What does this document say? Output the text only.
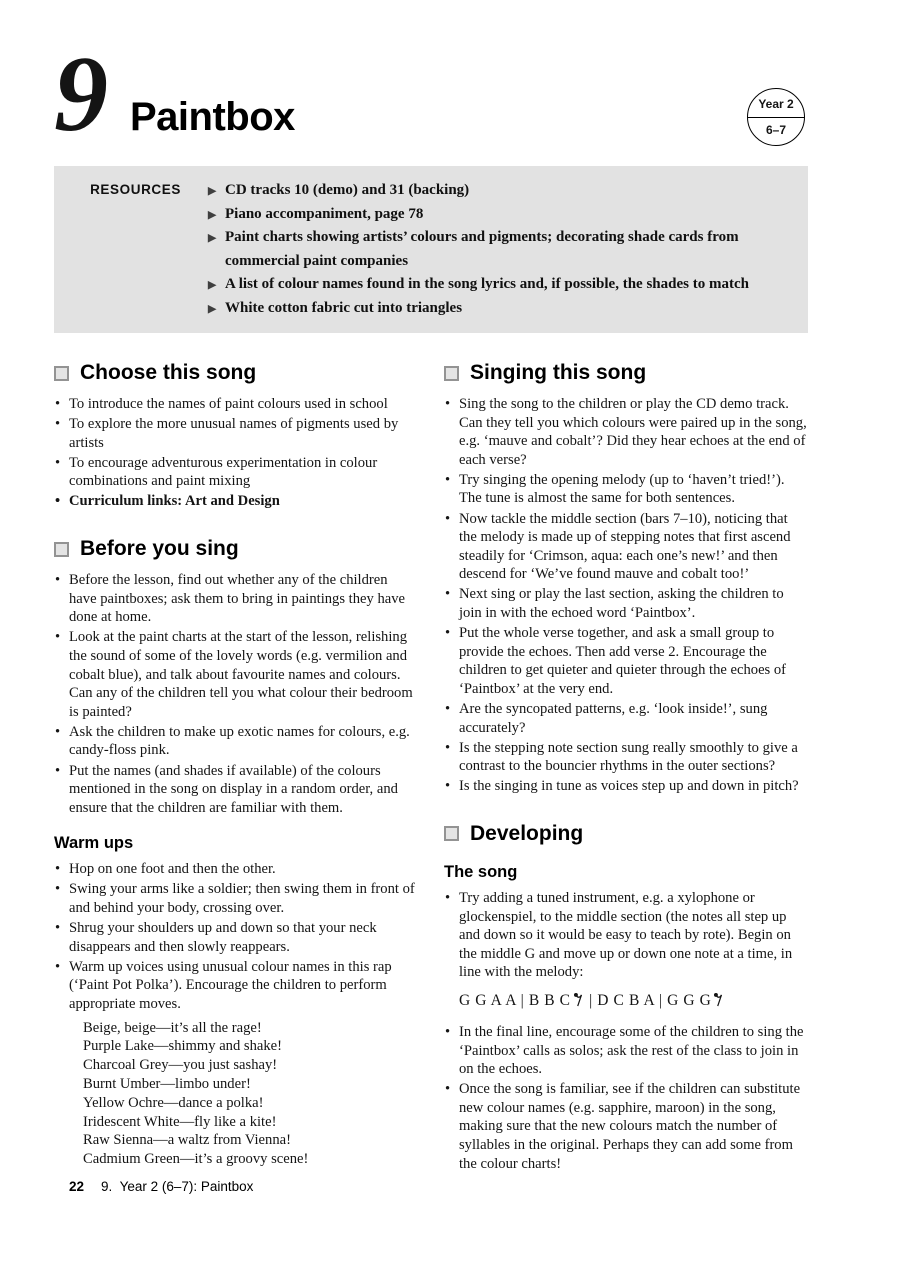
9 Paintbox
RESOURCES	▶ CD tracks 10 (demo) and 31 (backing)
▶ Piano accompaniment, page 78
▶ Paint charts showing artists’ colours and pigments; decorating shade cards from commercial paint companies
▶ A list of colour names found in the song lyrics and, if possible, the shades to match
▶ White cotton fabric cut into triangles
Choose this song
• To introduce the names of paint colours used in school
• To explore the more unusual names of pigments used by artists
• To encourage adventurous experimentation in colour combinations and paint mixing
• Curriculum links: Art and Design
Before you sing
• Before the lesson, find out whether any of the children have paintboxes; ask them to bring in paintings they have done at home.
• Look at the paint charts at the start of the lesson, relishing the sound of some of the lovely words (e.g. vermilion and cobalt blue), and talk about favourite names and colours. Can any of the children tell you what colour their bedroom is painted?
• Ask the children to make up exotic names for colours, e.g. candy-floss pink.
• Put the names (and shades if available) of the colours mentioned in the song on display in a random order, and ensure that the children are familiar with them.
Warm ups
• Hop on one foot and then the other.
• Swing your arms like a soldier; then swing them in front of and behind your body, crossing over.
• Shrug your shoulders up and down so that your neck disappears and then slowly reappears.
• Warm up voices using unusual colour names in this rap (‘Paint Pot Polka’). Encourage the children to perform appropriate moves.
Beige, beige—it’s all the rage!
Purple Lake—shimmy and shake!
Charcoal Grey—you just sashay!
Burnt Umber—limbo under!
Yellow Ochre—dance a polka!
Iridescent White—fly like a kite!
Raw Sienna—a waltz from Vienna!
Cadmium Green—it’s a groovy scene!
Singing this song
• Sing the song to the children or play the CD demo track. Can they tell you which colours were paired up in the song, e.g. ‘mauve and cobalt’? Did they hear echoes at the end of each verse?
• Try singing the opening melody (up to ‘haven’t tried!’). The tune is almost the same for both sentences.
• Now tackle the middle section (bars 7–10), noticing that the melody is made up of stepping notes that first ascend steadily for ‘Crimson, aqua: each one’s new!’ and then descend for ‘We’ve found mauve and cobalt too!’
• Next sing or play the last section, asking the children to join in with the echoed word ‘Paintbox’.
• Put the whole verse together, and ask a small group to provide the echoes. Then add verse 2. Encourage the children to get quieter and quieter through the echoes of ‘Paintbox’ at the very end.
• Are the syncopated patterns, e.g. ‘look inside!’, sung accurately?
• Is the stepping note section sung really smoothly to give a contrast to the bouncier rhythms in the outer sections?
• Is the singing in tune as voices step up and down in pitch?
Developing
The song
• Try adding a tuned instrument, e.g. a xylophone or glockenspiel, to the middle section (the notes all step up and down so it would be easy to teach by rote). Begin on the middle G and move up or down one note at a time, in line with the melody:
G G A A | B B C | D C B A | G G G
• In the final line, encourage some of the children to sing the ‘Paintbox’ calls as solos; ask the rest of the class to join in on the echoes.
• Once the song is familiar, see if the children can substitute new colour names (e.g. sapphire, maroon) in the song, making sure that the new colours match the number of syllables in the original. Perhaps they can add some from the colour charts!
Year 2
6–7

22 9.  Year 2 (6–7): Paintbox
